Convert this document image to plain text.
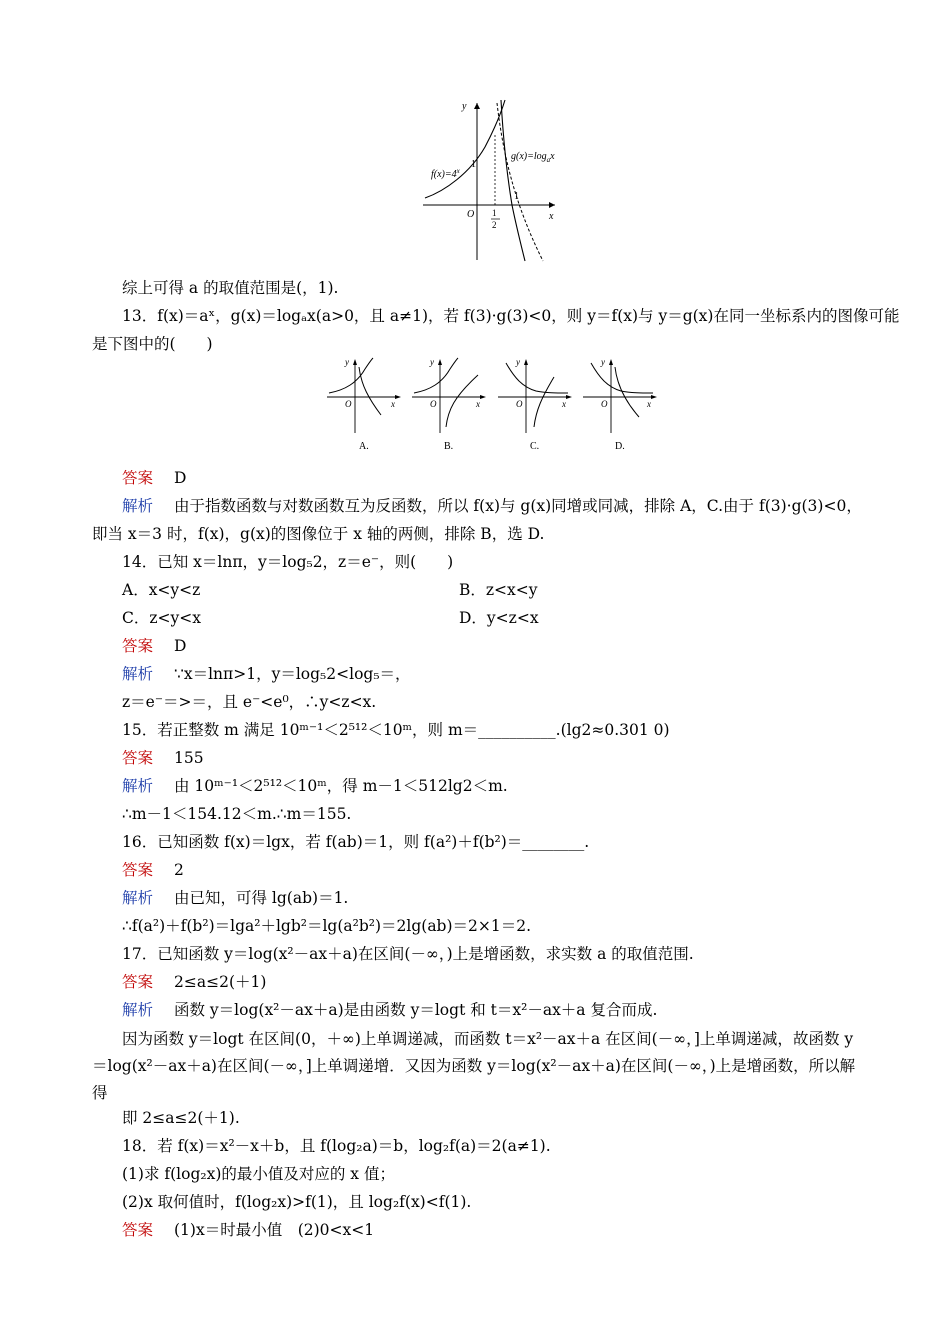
y
x
O
1
1
1
2
$f(x)=4^x$
$g(x)=\log_ax$
综上可得 a 的取值范围是(，1).
13．f(x)＝aˣ，g(x)＝logₐx(a>0，且 a≠1)，若 f(3)·g(3)<0，则 y＝f(x)与 y＝g(x)在同一坐标系内的图像可能
是下图中的(　　)
y
x
O
A.
y
x
O
B.
y
x
O
C.
y
x
O
D.
答案 D
解析 由于指数函数与对数函数互为反函数，所以 f(x)与 g(x)同增或同减，排除 A，C.由于 f(3)·g(3)<0，
即当 x＝3 时，f(x)，g(x)的图像位于 x 轴的两侧，排除 B，选 D.
14．已知 x＝lnπ，y＝log₅2，z＝e⁻，则(　　)
A．x<y<z	B．z<x<y
C．z<y<x	D．y<z<x
答案 D
解析 ∵x＝lnπ>1，y＝log₅2<log₅＝，
z＝e⁻＝>＝，且 e⁻<e⁰，∴y<z<x.
15．若正整数 m 满足 10ᵐ⁻¹＜2⁵¹²＜10ᵐ，则 m＝__________.(lg2≈0.301 0)
答案 155
解析 由 10ᵐ⁻¹＜2⁵¹²＜10ᵐ，得 m－1＜512lg2＜m.
∴m－1＜154.12＜m.∴m＝155.
16．已知函数 f(x)＝lgx，若 f(ab)＝1，则 f(a²)＋f(b²)＝________.
答案 2
解析 由已知，可得 lg(ab)＝1.
∴f(a²)＋f(b²)＝lga²＋lgb²＝lg(a²b²)＝2lg(ab)＝2×1＝2.
17．已知函数 y＝log(x²－ax＋a)在区间(－∞，)上是增函数，求实数 a 的取值范围.
答案 2≤a≤2(＋1)
解析 函数 y＝log(x²－ax＋a)是由函数 y＝logt 和 t＝x²－ax＋a 复合而成.
因为函数 y＝logt 在区间(0，＋∞)上单调递减，而函数 t＝x²－ax＋a 在区间(－∞，]上单调递减，故函数 y＝log(x²－ax＋a)在区间(－∞，]上单调递增．又因为函数 y＝log(x²－ax＋a)在区间(－∞，)上是增函数，所以解得
即 2≤a≤2(＋1).
18．若 f(x)＝x²－x＋b，且 f(log₂a)＝b，log₂f(a)＝2(a≠1).
(1)求 f(log₂x)的最小值及对应的 x 值；
(2)x 取何值时，f(log₂x)>f(1)，且 log₂f(x)<f(1).
答案 (1)x＝时最小值　(2)0<x<1
